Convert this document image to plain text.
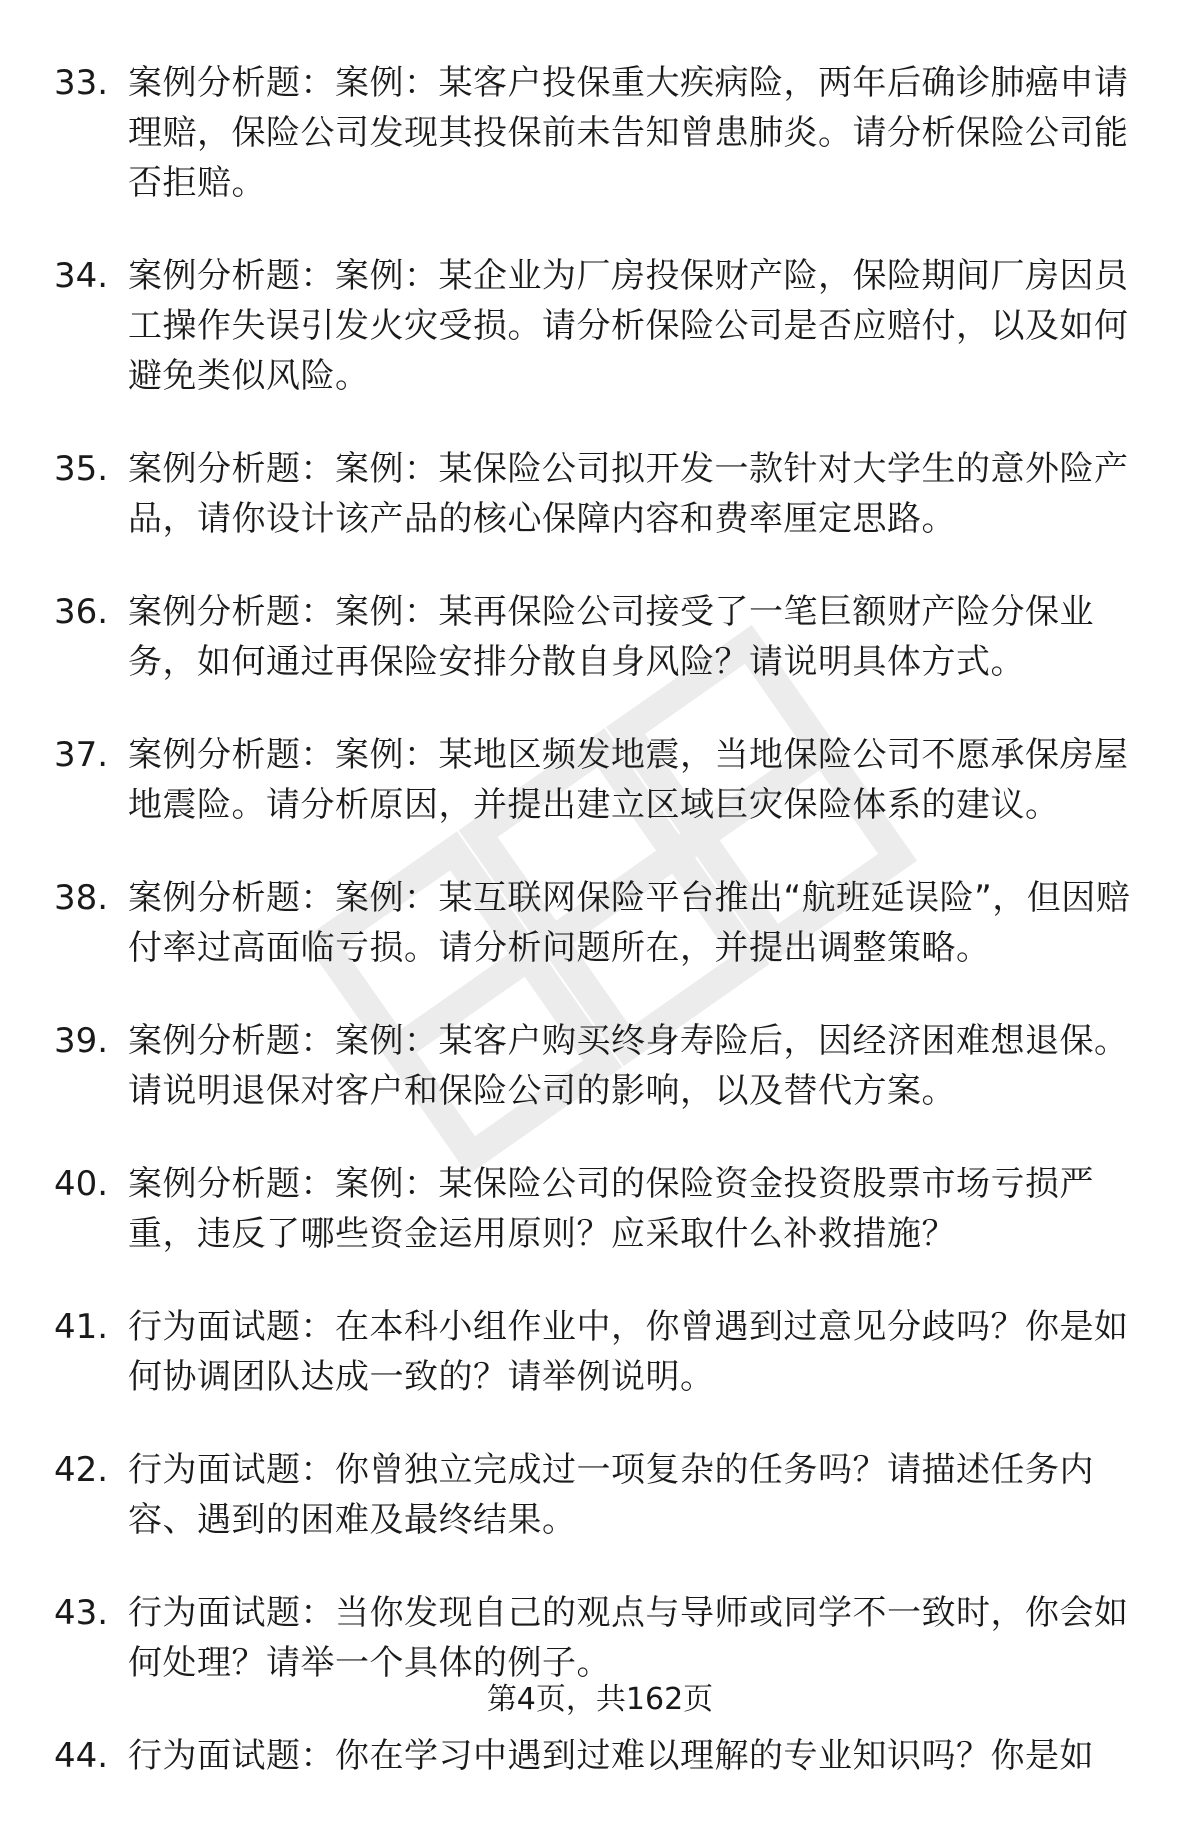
33. 案例分析题：案例：某客户投保重大疾病险，两年后确诊肺癌申请理赔，保险公司发现其投保前未告知曾患肺炎。请分析保险公司能否拒赔。
34. 案例分析题：案例：某企业为厂房投保财产险，保险期间厂房因员工操作失误引发火灾受损。请分析保险公司是否应赔付，以及如何避免类似风险。
35. 案例分析题：案例：某保险公司拟开发一款针对大学生的意外险产品，请你设计该产品的核心保障内容和费率厘定思路。
36. 案例分析题：案例：某再保险公司接受了一笔巨额财产险分保业务，如何通过再保险安排分散自身风险？请说明具体方式。
37. 案例分析题：案例：某地区频发地震，当地保险公司不愿承保房屋地震险。请分析原因，并提出建立区域巨灾保险体系的建议。
38. 案例分析题：案例：某互联网保险平台推出“航班延误险”，但因赔付率过高面临亏损。请分析问题所在，并提出调整策略。
39. 案例分析题：案例：某客户购买终身寿险后，因经济困难想退保。请说明退保对客户和保险公司的影响，以及替代方案。
40. 案例分析题：案例：某保险公司的保险资金投资股票市场亏损严重，违反了哪些资金运用原则？应采取什么补救措施？
41. 行为面试题：在本科小组作业中，你曾遇到过意见分歧吗？你是如何协调团队达成一致的？请举例说明。
42. 行为面试题：你曾独立完成过一项复杂的任务吗？请描述任务内容、遇到的困难及最终结果。
43. 行为面试题：当你发现自己的观点与导师或同学不一致时，你会如何处理？请举一个具体的例子。
44. 行为面试题：你在学习中遇到过难以理解的专业知识吗？你是如
第4页，共162页
